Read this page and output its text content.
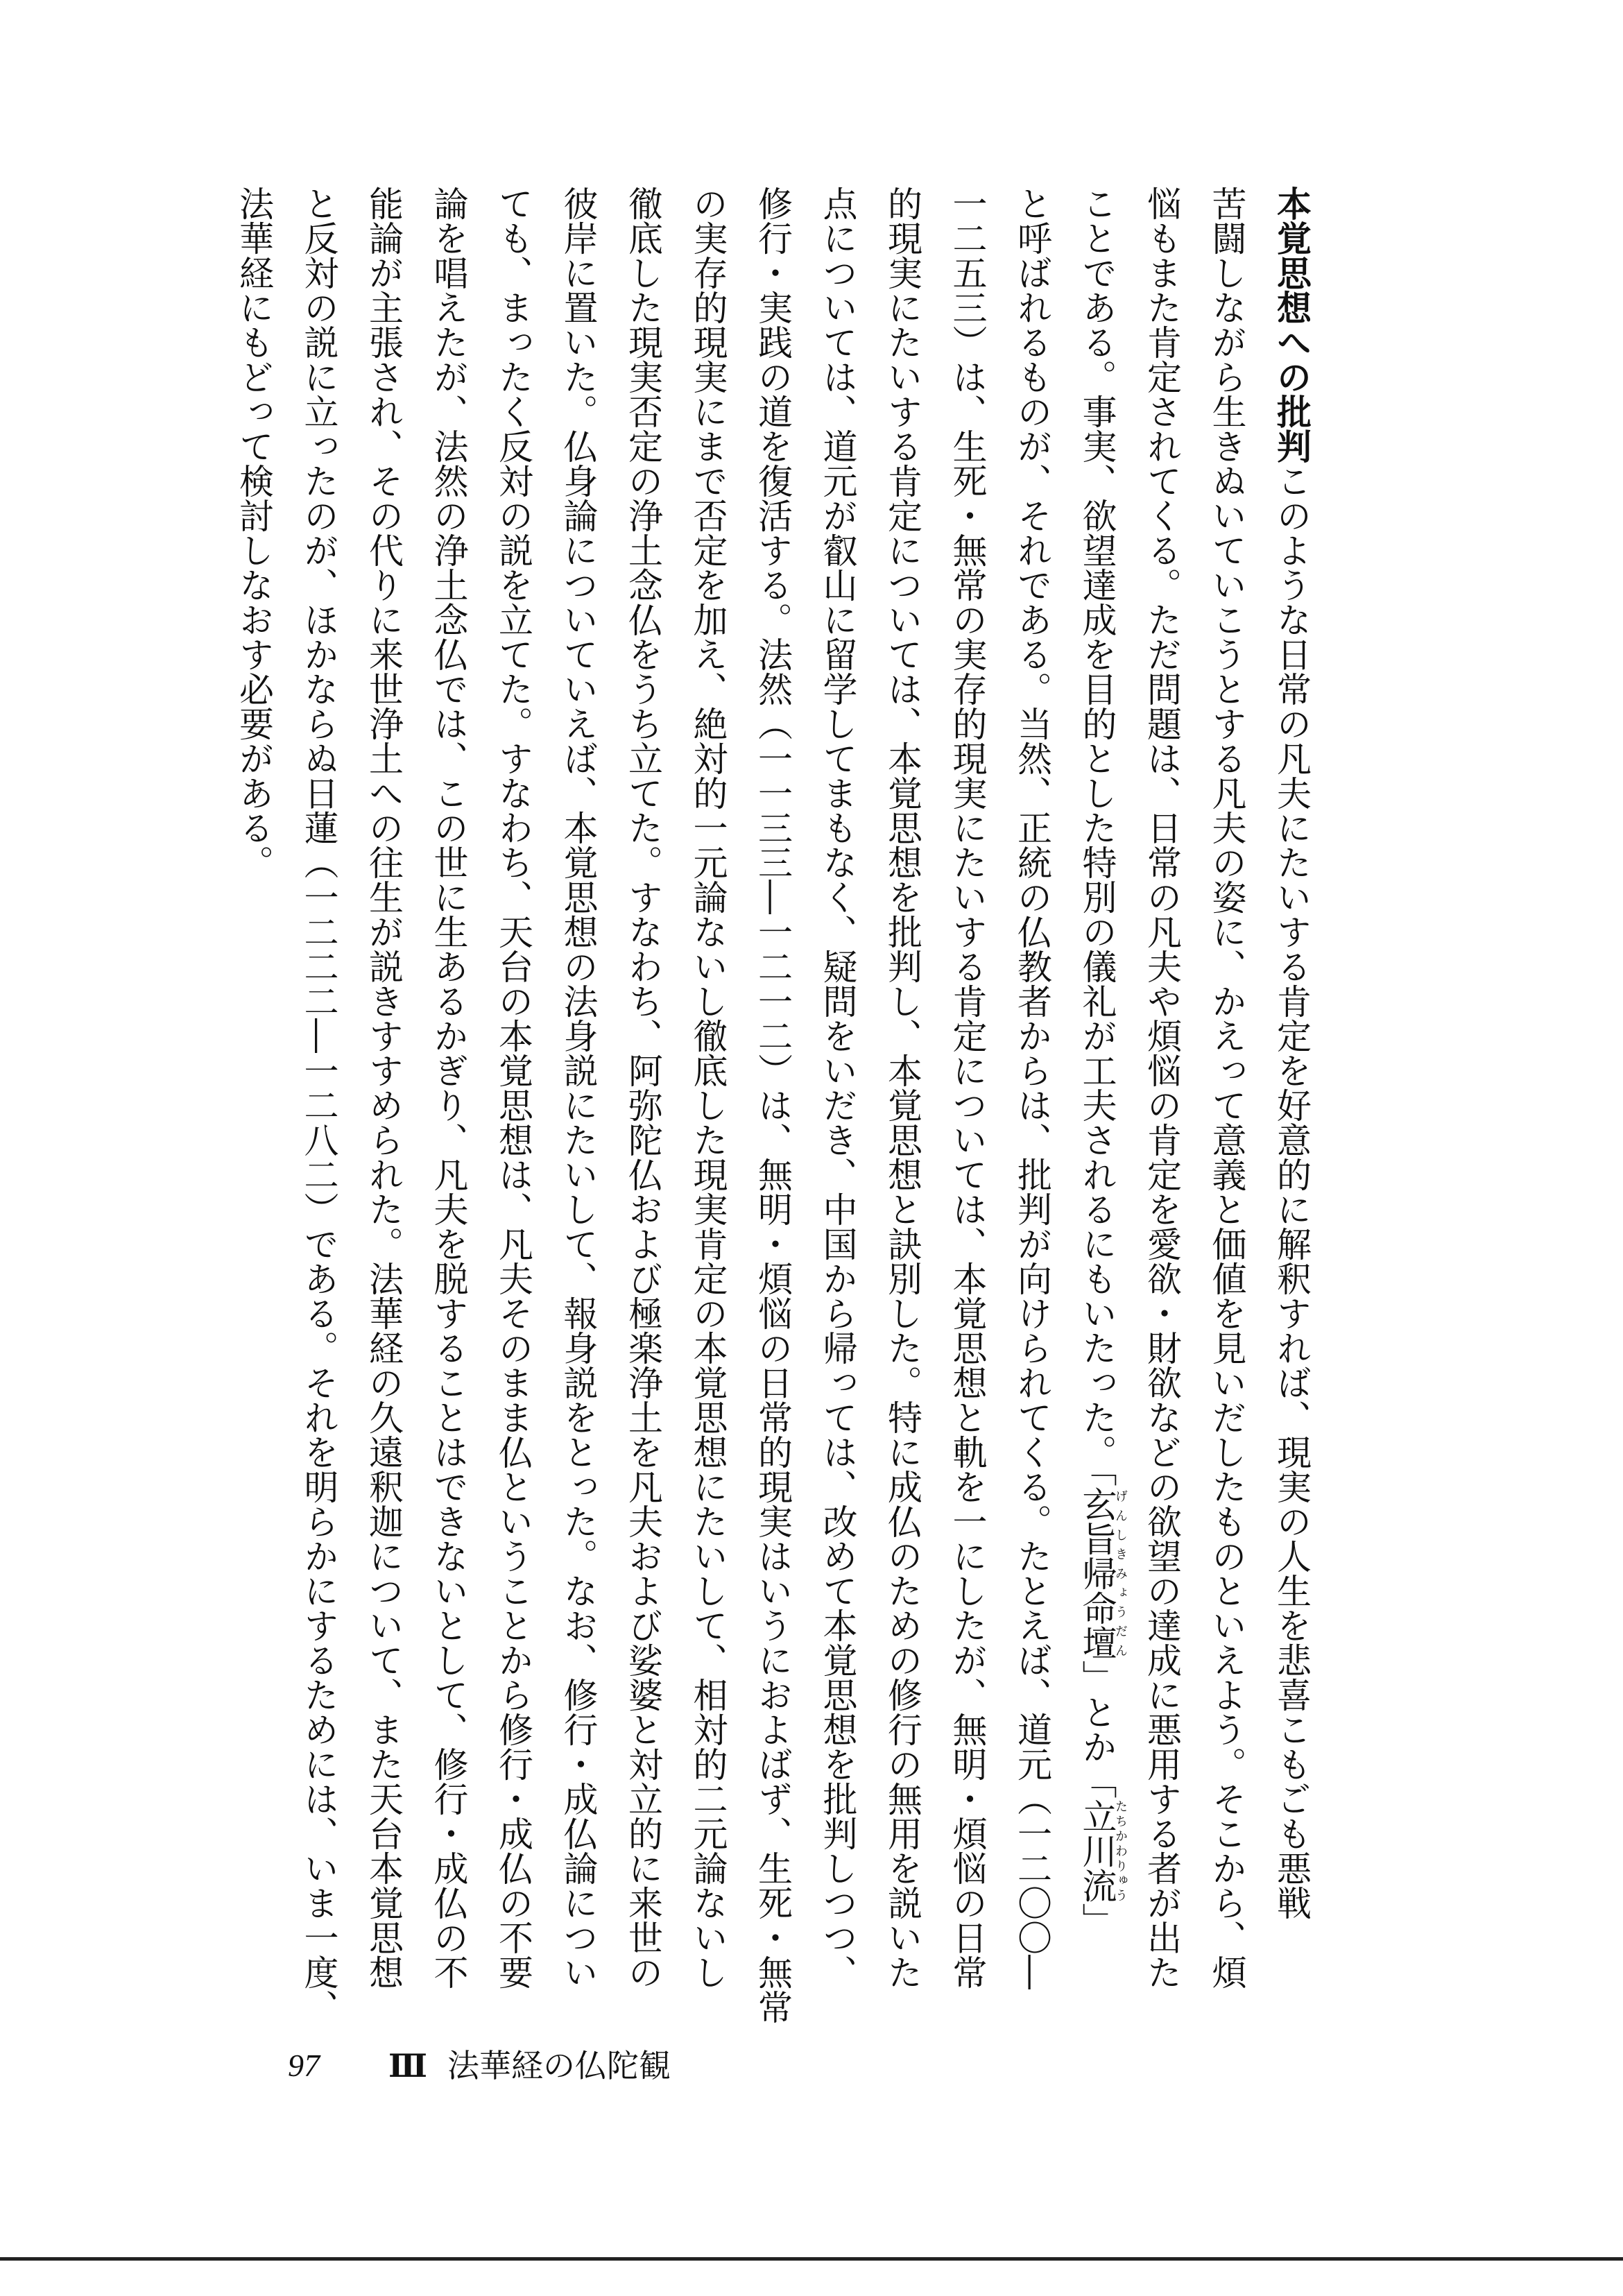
本覚思想への批判このような日常の凡夫にたいする肯定を好意的に解釈すれば、現実の人生を悲喜こもごも悪戦
苦闘しながら生きぬいていこうとする凡夫の姿に、かえって意義と価値を見いだしたものといえよう。そこから、煩
悩もまた肯定されてくる。ただ問題は、日常の凡夫や煩悩の肯定を愛欲・財欲などの欲望の達成に悪用する者が出た
ことである。事実、欲望達成を目的とした特別の儀礼が工夫されるにもいたった。「玄旨帰命壇げんしきみょうだん」とか「立川流たちかわりゅう」
と呼ばれるものが、それである。当然、正統の仏教者からは、批判が向けられてくる。たとえば、道元（一二〇〇―
一二五三）は、生死・無常の実存的現実にたいする肯定については、本覚思想と軌を一にしたが、無明・煩悩の日常
的現実にたいする肯定については、本覚思想を批判し、本覚思想と訣別した。特に成仏のための修行の無用を説いた
点については、道元が叡山に留学してまもなく、疑問をいだき、中国から帰っては、改めて本覚思想を批判しつつ、
修行・実践の道を復活する。法然（一一三三―一二一二）は、無明・煩悩の日常的現実はいうにおよばず、生死・無常
の実存的現実にまで否定を加え、絶対的一元論ないし徹底した現実肯定の本覚思想にたいして、相対的二元論ないし
徹底した現実否定の浄土念仏をうち立てた。すなわち、阿弥陀仏および極楽浄土を凡夫および娑婆と対立的に来世の
彼岸に置いた。仏身論についていえば、本覚思想の法身説にたいして、報身説をとった。なお、修行・成仏論につい
ても、まったく反対の説を立てた。すなわち、天台の本覚思想は、凡夫そのまま仏ということから修行・成仏の不要
論を唱えたが、法然の浄土念仏では、この世に生あるかぎり、凡夫を脱することはできないとして、修行・成仏の不
能論が主張され、その代りに来世浄土への往生が説きすすめられた。法華経の久遠釈迦について、また天台本覚思想
と反対の説に立ったのが、ほかならぬ日蓮（一二二二―一二八二）である。それを明らかにするためには、いま一度、
法華経にもどって検討しなおす必要がある。
97 Ⅲ 法華経の仏陀観
